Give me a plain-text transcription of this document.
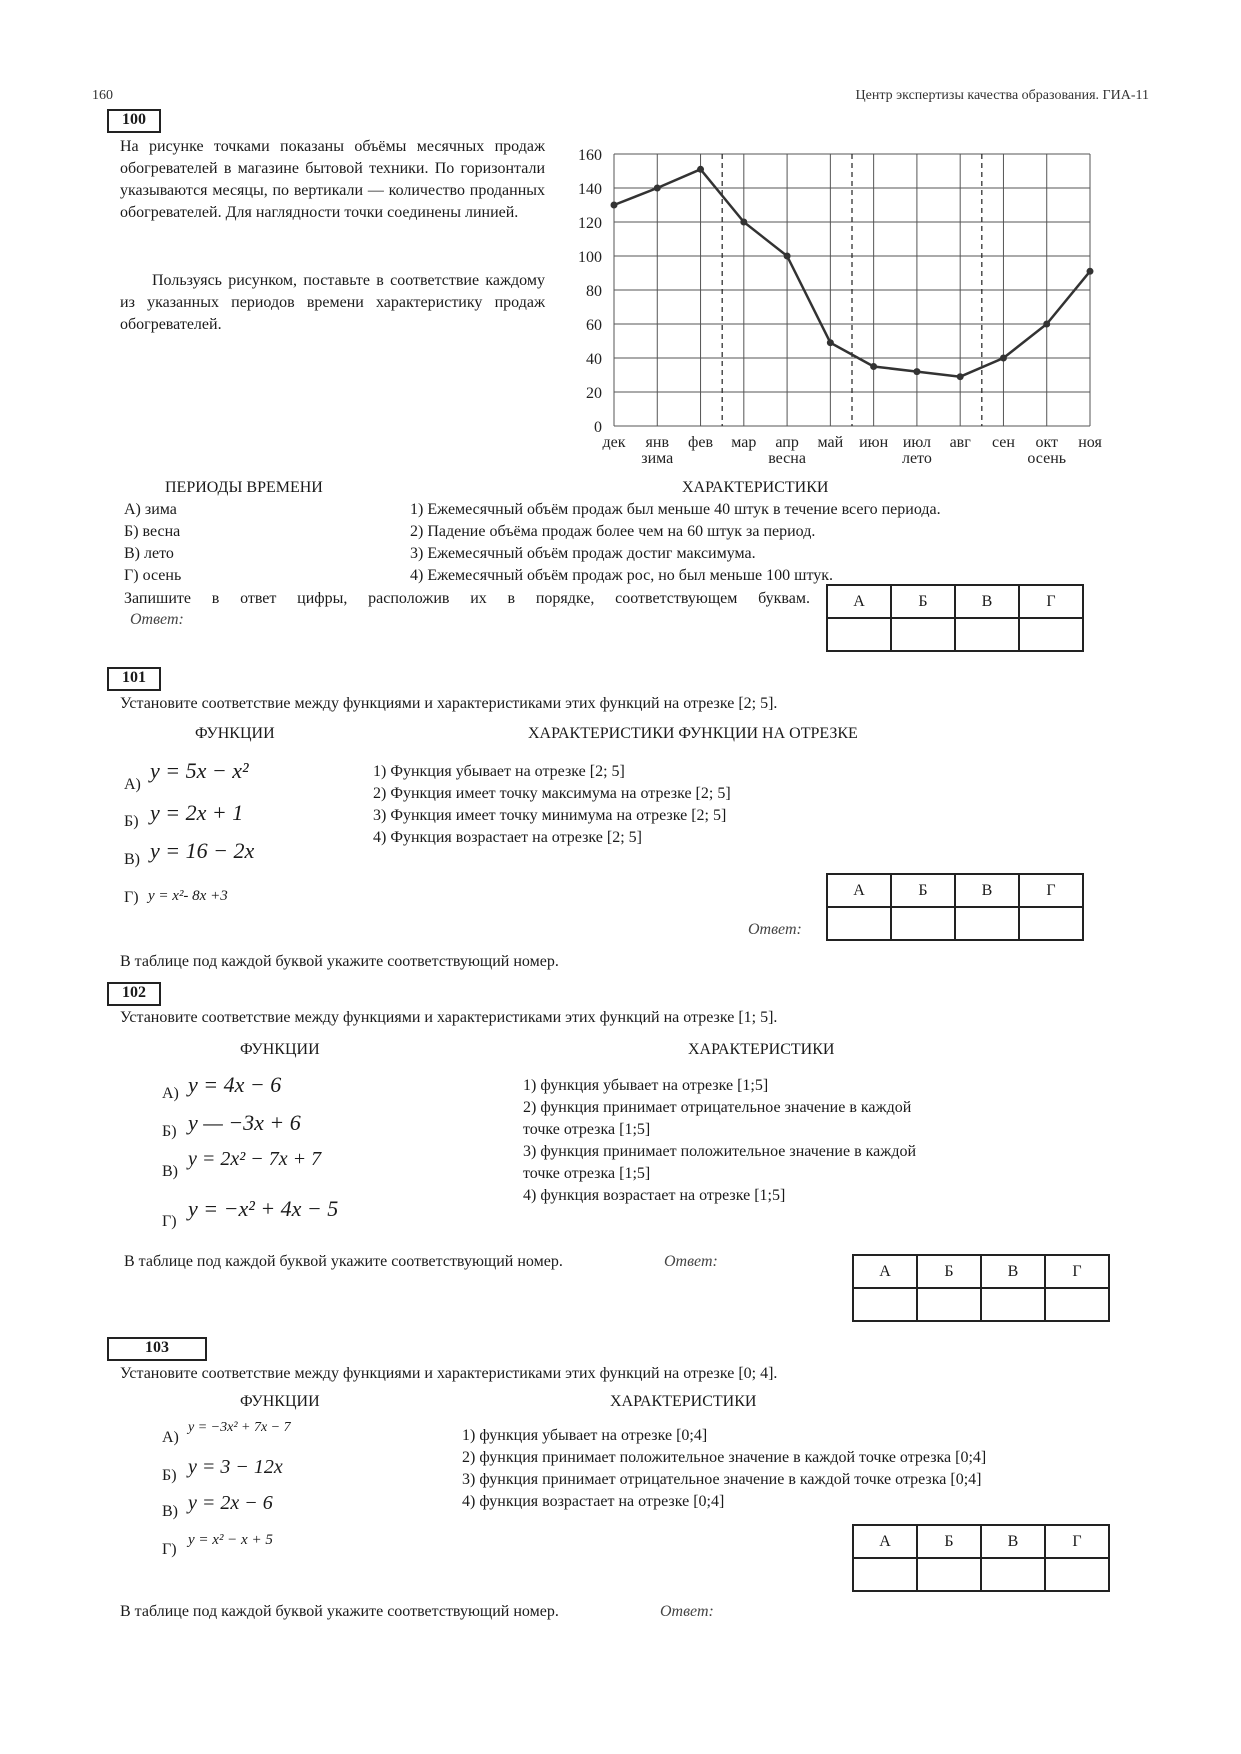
160	Центр экспертизы качества образования. ГИА-11
100
На рисунке точками показаны объёмы месячных продаж обогревателей в магазине бытовой техники. По горизонтали указываются месяцы, по вертикали — количество проданных обогревателей. Для наглядности точки соединены линией.
Пользуясь рисунком, поставьте в соответствие каждому из указанных периодов времени характеристику продаж обогревателей.
0
20
40
60
80
100
120
140
160
дек янв фев мар апр май июн июл авг сен окт ноя
зима	весна	лето	осень
ПЕРИОДЫ ВРЕМЕНИ	ХАРАКТЕРИСТИКИ
А) зима
Б) весна
В) лето
Г) осень
1) Ежемесячный объём продаж был меньше 40 штук в течение всего периода.
2) Падение объёма продаж более чем на 60 штук за период.
3) Ежемесячный объём продаж достиг максимума.
4) Ежемесячный объём продаж рос, но был меньше 100 штук.
Запишите в ответ цифры, расположив их в порядке, соответствующем буквам.
Ответ:
А	Б	В	Г

101
Установите соответствие между функциями и характеристиками этих функций на отрезке [2; 5].
ФУНКЦИИ	ХАРАКТЕРИСТИКИ ФУНКЦИИ НА ОТРЕЗКЕ
А)
y = 5x − x²
Б) y = 2x + 1
В) y = 16 − 2x
Г) y = x²- 8x +3
1) Функция убывает на отрезке [2; 5]
2) Функция имеет точку максимума на отрезке [2; 5]
3) Функция имеет точку минимума на отрезке [2; 5]
4) Функция возрастает на отрезке [2; 5]
Ответ:
А	Б	В	Г

В таблице под каждой буквой укажите соответствующий номер.
102
Установите соответствие между функциями и характеристиками этих функций на отрезке [1; 5].
ФУНКЦИИ	ХАРАКТЕРИСТИКИ
А) y = 4x − 6
Б) y — −3x + 6
В)
y = 2x² − 7x + 7
Г)
y = −x² + 4x − 5
1) функция убывает на отрезке [1;5]
2) функция принимает отрицательное значение в каждой
точке отрезка [1;5]
3) функция принимает положительное значение в каждой
точке отрезка [1;5]
4) функция возрастает на отрезке [1;5]
В таблице под каждой буквой укажите соответствующий номер.	Ответ:
А	Б	В	Г

103
Установите соответствие между функциями и характеристиками этих функций на отрезке [0; 4].
ФУНКЦИИ	ХАРАКТЕРИСТИКИ
А)
y = −3x² + 7x − 7
Б) y = 3 − 12x
В) y = 2x − 6
Г)
y = x² − x + 5
1) функция убывает на отрезке [0;4]
2) функция принимает положительное значение в каждой точке отрезка [0;4]
3) функция принимает отрицательное значение в каждой точке отрезка [0;4]
4) функция возрастает на отрезке [0;4]
А	Б	В	Г

В таблице под каждой буквой укажите соответствующий номер.	Ответ:
